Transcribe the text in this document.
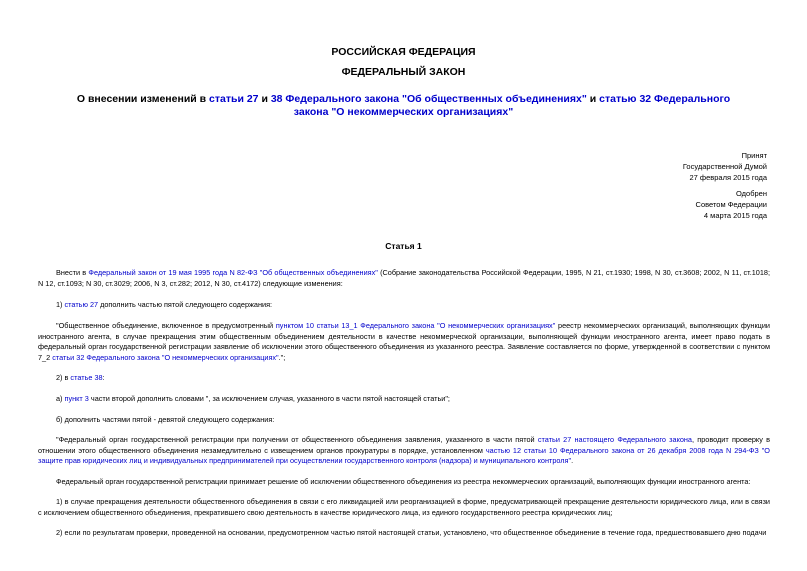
РОССИЙСКАЯ ФЕДЕРАЦИЯ
ФЕДЕРАЛЬНЫЙ ЗАКОН
О внесении изменений в статьи 27 и 38 Федерального закона "Об общественных объединениях" и статью 32 Федерального закона "О некоммерческих организациях"
Принят
Государственной Думой
27 февраля 2015 года
Одобрен
Советом Федерации
4 марта 2015 года
Статья 1
Внести в Федеральный закон от 19 мая 1995 года N 82-ФЗ "Об общественных объединениях" (Собрание законодательства Российской Федерации, 1995, N 21, ст.1930; 1998, N 30, ст.3608; 2002, N 11, ст.1018; N 12, ст.1093; N 30, ст.3029; 2006, N 3, ст.282; 2012, N 30, ст.4172) следующие изменения:
1) статью 27 дополнить частью пятой следующего содержания:
"Общественное объединение, включенное в предусмотренный пунктом 10 статьи 13_1 Федерального закона "О некоммерческих организациях" реестр некоммерческих организаций, выполняющих функции иностранного агента, в случае прекращения этим общественным объединением деятельности в качестве некоммерческой организации, выполняющей функции иностранного агента, имеет право подать в федеральный орган государственной регистрации заявление об исключении этого общественного объединения из указанного реестра. Заявление составляется по форме, утвержденной в соответствии с пунктом 7_2 статьи 32 Федерального закона "О некоммерческих организациях".";
2) в статье 38:
а) пункт 3 части второй дополнить словами ", за исключением случая, указанного в части пятой настоящей статьи";
б) дополнить частями пятой - девятой следующего содержания:
"Федеральный орган государственной регистрации при получении от общественного объединения заявления, указанного в части пятой статьи 27 настоящего Федерального закона, проводит проверку в отношении этого общественного объединения незамедлительно с извещением органов прокуратуры в порядке, установленном частью 12 статьи 10 Федерального закона от 26 декабря 2008 года N 294-ФЗ "О защите прав юридических лиц и индивидуальных предпринимателей при осуществлении государственного контроля (надзора) и муниципального контроля".
Федеральный орган государственной регистрации принимает решение об исключении общественного объединения из реестра некоммерческих организаций, выполняющих функции иностранного агента:
1) в случае прекращения деятельности общественного объединения в связи с его ликвидацией или реорганизацией в форме, предусматривающей прекращение деятельности юридического лица, или в связи с исключением общественного объединения, прекратившего свою деятельность в качестве юридического лица, из единого государственного реестра юридических лиц;
2) если по результатам проверки, проведенной на основании, предусмотренном частью пятой настоящей статьи, установлено, что общественное объединение в течение года, предшествовавшего дню подачи
